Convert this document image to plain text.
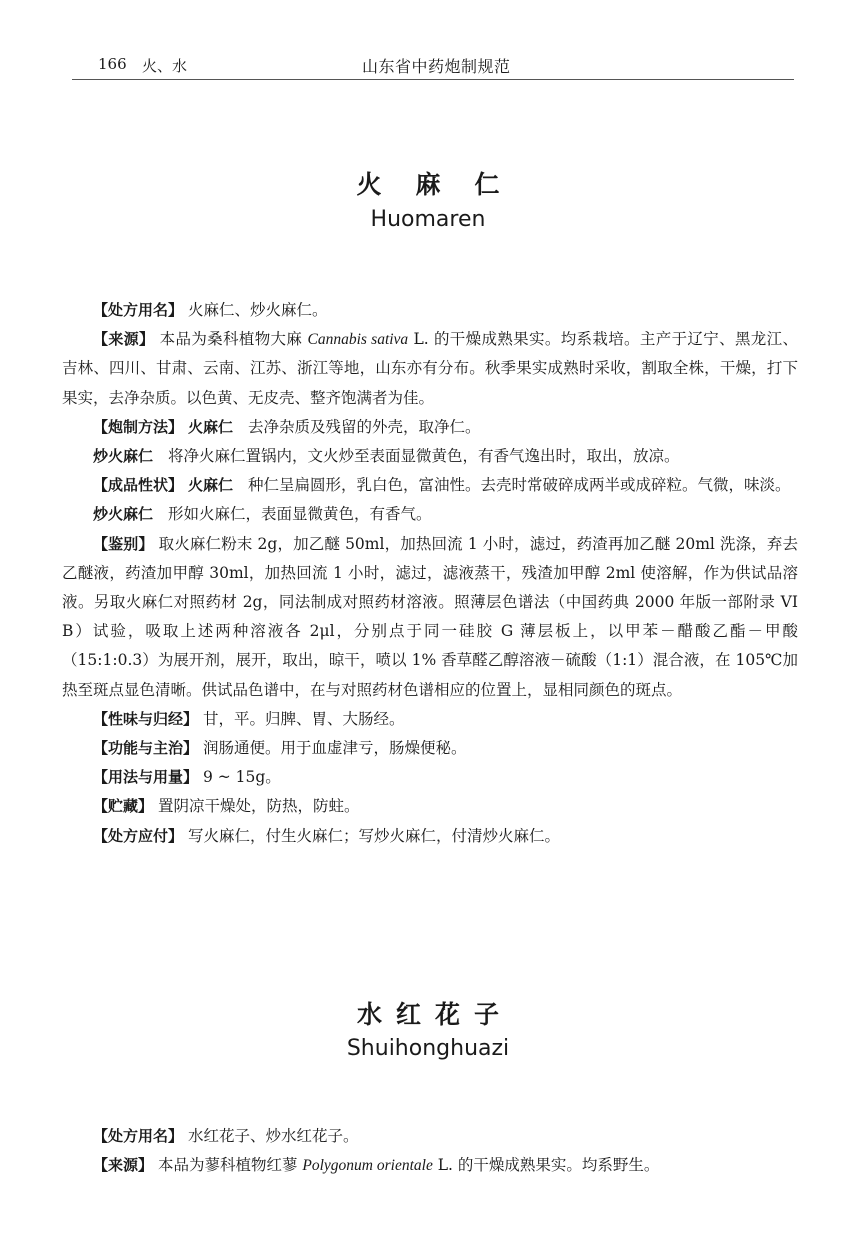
166 火、水	山东省中药炮制规范
火麻仁
Huomaren

【处方用名】 火麻仁、炒火麻仁。

【来源】 本品为桑科植物大麻 Cannabis sativa L. 的干燥成熟果实。均系栽培。主产于辽宁、黑龙江、吉林、四川、甘肃、云南、江苏、浙江等地，山东亦有分布。秋季果实成熟时采收，割取全株，干燥，打下果实，去净杂质。以色黄、无皮壳、整齐饱满者为佳。

【炮制方法】 火麻仁 去净杂质及残留的外壳，取净仁。

炒火麻仁 将净火麻仁置锅内，文火炒至表面显微黄色，有香气逸出时，取出，放凉。

【成品性状】 火麻仁 种仁呈扁圆形，乳白色，富油性。去壳时常破碎成两半或成碎粒。气微，味淡。

炒火麻仁 形如火麻仁，表面显微黄色，有香气。

【鉴别】 取火麻仁粉末 2g，加乙醚 50ml，加热回流 1 小时，滤过，药渣再加乙醚 20ml 洗涤，弃去乙醚液，药渣加甲醇 30ml，加热回流 1 小时，滤过，滤液蒸干，残渣加甲醇 2ml 使溶解，作为供试品溶液。另取火麻仁对照药材 2g，同法制成对照药材溶液。照薄层色谱法（中国药典 2000 年版一部附录 VI B）试验，吸取上述两种溶液各 2μl，分别点于同一硅胶 G 薄层板上，以甲苯－醋酸乙酯－甲酸（15:1:0.3）为展开剂，展开，取出，晾干，喷以 1% 香草醛乙醇溶液－硫酸（1:1）混合液，在 105℃加热至斑点显色清晰。供试品色谱中，在与对照药材色谱相应的位置上，显相同颜色的斑点。

【性味与归经】 甘，平。归脾、胃、大肠经。

【功能与主治】 润肠通便。用于血虚津亏，肠燥便秘。

【用法与用量】 9 ~ 15g。

【贮藏】 置阴凉干燥处，防热，防蛀。

【处方应付】 写火麻仁，付生火麻仁；写炒火麻仁，付清炒火麻仁。

水红花子
Shuihonghuazi

【处方用名】 水红花子、炒水红花子。

【来源】 本品为蓼科植物红蓼 Polygonum orientale L. 的干燥成熟果实。均系野生。
